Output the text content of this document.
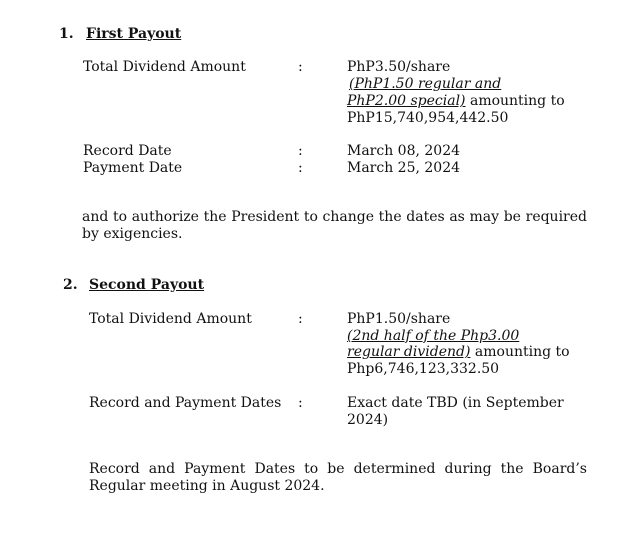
1. First Payout
Total Dividend Amount	:	PhP3.50/share
(PhP1.50 regular and
PhP2.00 special) amounting to
PhP15,740,954,442.50
Record Date	:	March 08, 2024
Payment Date	:	March 25, 2024
and to authorize the President to change the dates as may be required by exigencies.
2. Second Payout
Total Dividend Amount	:	PhP1.50/share
(2nd half of the Php3.00
regular dividend) amounting to
Php6,746,123,332.50
Record and Payment Dates :	Exact date TBD (in September
2024)
Record and Payment Dates to be determined during the Board’s Regular meeting in August 2024.
